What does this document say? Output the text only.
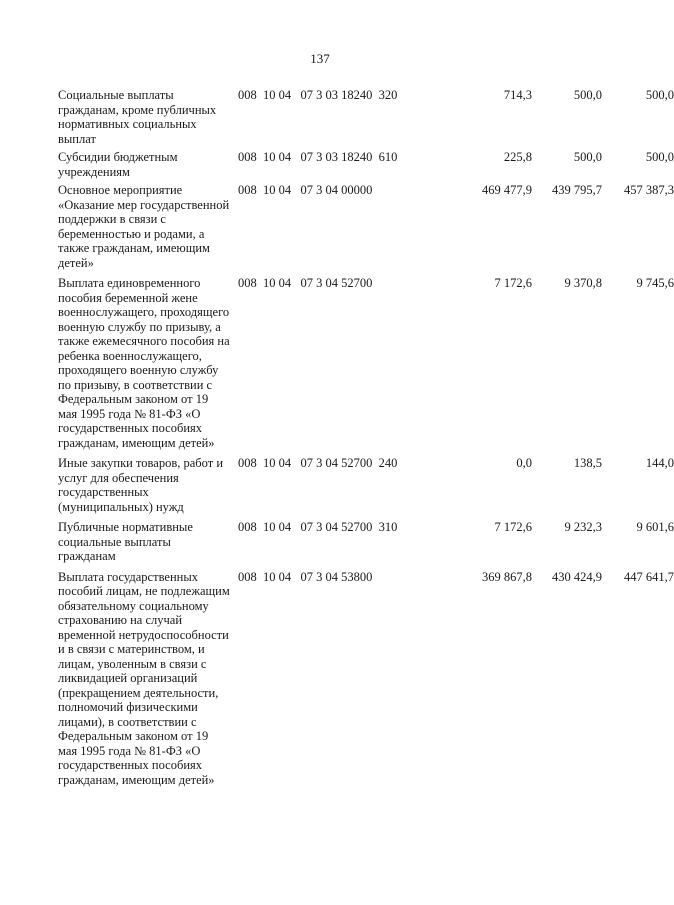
137
Социальные выплаты гражданам, кроме публичных нормативных социальных выплат
008  10 04   07 3 03 18240  320	714,3	500,0	500,0
Субсидии бюджетным учреждениям
008  10 04   07 3 03 18240  610	225,8	500,0	500,0
Основное мероприятие «Оказание мер государственной поддержки в связи с беременностью и родами, а также гражданам, имеющим детей»
008  10 04   07 3 04 00000	469 477,9	439 795,7	457 387,3
Выплата единовременного пособия беременной жене военнослужащего, проходящего военную службу по призыву, а также ежемесячного пособия на ребенка военнослужащего, проходящего военную службу по призыву, в соответствии с Федеральным законом от 19 мая 1995 года № 81-ФЗ «О государственных пособиях гражданам, имеющим детей»
008  10 04   07 3 04 52700	7 172,6	9 370,8	9 745,6
Иные закупки товаров, работ и услуг для обеспечения государственных (муниципальных) нужд
008  10 04   07 3 04 52700  240	0,0	138,5	144,0
Публичные нормативные социальные выплаты гражданам
008  10 04   07 3 04 52700  310	7 172,6	9 232,3	9 601,6
Выплата государственных пособий лицам, не подлежащим обязательному социальному страхованию на случай временной нетрудоспособности и в связи с материнством, и лицам, уволенным в связи с ликвидацией организаций (прекращением деятельности, полномочий физическими лицами), в соответствии с Федеральным законом от 19 мая 1995 года № 81-ФЗ «О государственных пособиях гражданам, имеющим детей»
008  10 04   07 3 04 53800	369 867,8	430 424,9	447 641,7
